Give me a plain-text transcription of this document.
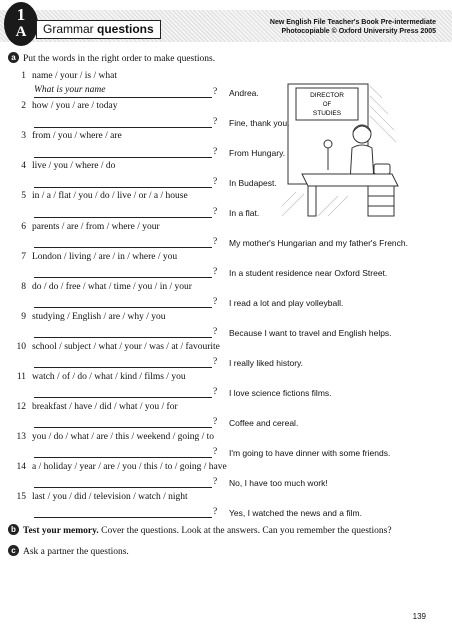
1
A	Grammar questions	New English File Teacher's Book Pre-intermediate
Photocopiable © Oxford University Press 2005
a Put the words in the right order to make questions.
1 name / your / is / what
What is your name	? Andrea.
2 how / you / are / today
? Fine, thank you.
3 from / you / where / are
? From Hungary.
4 live / you / where / do
? In Budapest.
5 in / a / flat / you / do / live / or / a / house
? In a flat.
6 parents / are / from / where / your
? My mother's Hungarian and my father's French.
7 London / living / are / in / where / you
? In a student residence near Oxford Street.
8 do / do / free / what / time / you / in / your
? I read a lot and play volleyball.
9 studying / English / are / why / you
? Because I want to travel and English helps.
10 school / subject / what / your / was / at / favourite
? I really liked history.
11 watch / of / do / what / kind / films / you
? I love science fictions films.
12 breakfast / have / did / what / you / for
? Coffee and cereal.
13 you / do / what / are / this / weekend / going / to
? I'm going to have dinner with some friends.
14 a / holiday / year / are / you / this / to / going / have
? No, I have too much work!
15 last / you / did / television / watch / night
? Yes, I watched the news and a film.
DIRECTOR
OF
STUDIES
b Test your memory. Cover the questions. Look at the answers. Can you remember the questions?
c Ask a partner the questions.
139
